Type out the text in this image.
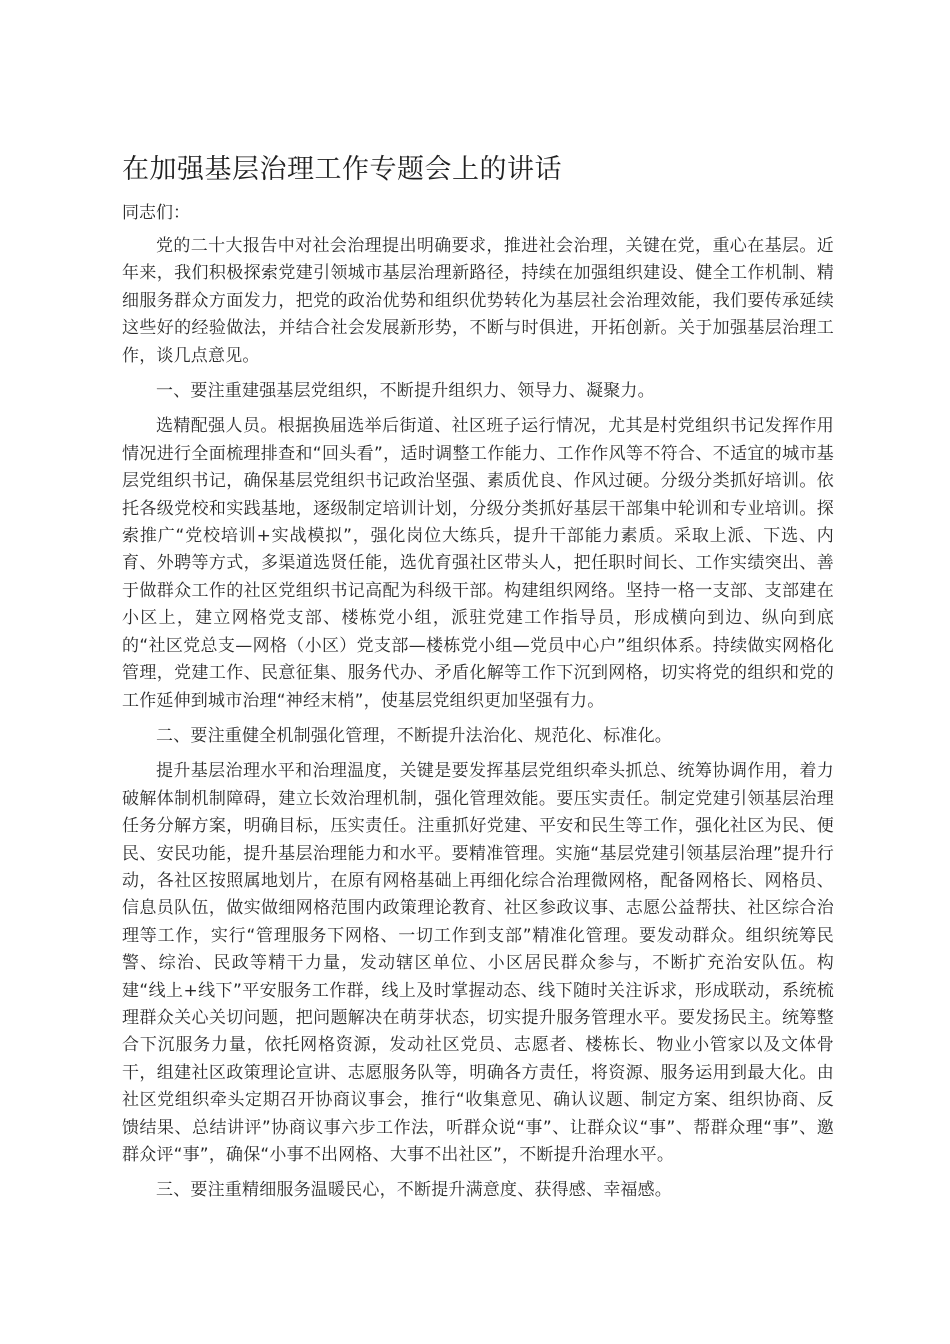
在加强基层治理工作专题会上的讲话

同志们：

党的二十大报告中对社会治理提出明确要求，推进社会治理，关键在党，重心在基层。近年来，我们积极探索党建引领城市基层治理新路径，持续在加强组织建设、健全工作机制、精细服务群众方面发力，把党的政治优势和组织优势转化为基层社会治理效能，我们要传承延续这些好的经验做法，并结合社会发展新形势，不断与时俱进，开拓创新。关于加强基层治理工作，谈几点意见。

一、要注重建强基层党组织，不断提升组织力、领导力、凝聚力。

选精配强人员。根据换届选举后街道、社区班子运行情况，尤其是村党组织书记发挥作用情况进行全面梳理排查和“回头看”，适时调整工作能力、工作作风等不符合、不适宜的城市基层党组织书记，确保基层党组织书记政治坚强、素质优良、作风过硬。分级分类抓好培训。依托各级党校和实践基地，逐级制定培训计划，分级分类抓好基层干部集中轮训和专业培训。探索推广“党校培训+实战模拟”，强化岗位大练兵，提升干部能力素质。采取上派、下选、内育、外聘等方式，多渠道选贤任能，选优育强社区带头人，把任职时间长、工作实绩突出、善于做群众工作的社区党组织书记高配为科级干部。构建组织网络。坚持一格一支部、支部建在小区上，建立网格党支部、楼栋党小组，派驻党建工作指导员，形成横向到边、纵向到底的“社区党总支—网格（小区）党支部—楼栋党小组—党员中心户”组织体系。持续做实网格化管理，党建工作、民意征集、服务代办、矛盾化解等工作下沉到网格，切实将党的组织和党的工作延伸到城市治理“神经末梢”，使基层党组织更加坚强有力。

二、要注重健全机制强化管理，不断提升法治化、规范化、标准化。

提升基层治理水平和治理温度，关键是要发挥基层党组织牵头抓总、统筹协调作用，着力破解体制机制障碍，建立长效治理机制，强化管理效能。要压实责任。制定党建引领基层治理任务分解方案，明确目标，压实责任。注重抓好党建、平安和民生等工作，强化社区为民、便民、安民功能，提升基层治理能力和水平。要精准管理。实施“基层党建引领基层治理”提升行动，各社区按照属地划片，在原有网格基础上再细化综合治理微网格，配备网格长、网格员、信息员队伍，做实做细网格范围内政策理论教育、社区参政议事、志愿公益帮扶、社区综合治理等工作，实行“管理服务下网格、一切工作到支部”精准化管理。要发动群众。组织统筹民警、综治、民政等精干力量，发动辖区单位、小区居民群众参与，不断扩充治安队伍。构建“线上+线下”平安服务工作群，线上及时掌握动态、线下随时关注诉求，形成联动，系统梳理群众关心关切问题，把问题解决在萌芽状态，切实提升服务管理水平。要发扬民主。统筹整合下沉服务力量，依托网格资源，发动社区党员、志愿者、楼栋长、物业小管家以及文体骨干，组建社区政策理论宣讲、志愿服务队等，明确各方责任，将资源、服务运用到最大化。由社区党组织牵头定期召开协商议事会，推行“收集意见、确认议题、制定方案、组织协商、反馈结果、总结讲评”协商议事六步工作法，听群众说“事”、让群众议“事”、帮群众理“事”、邀群众评“事”，确保“小事不出网格、大事不出社区”，不断提升治理水平。

三、要注重精细服务温暖民心，不断提升满意度、获得感、幸福感。
